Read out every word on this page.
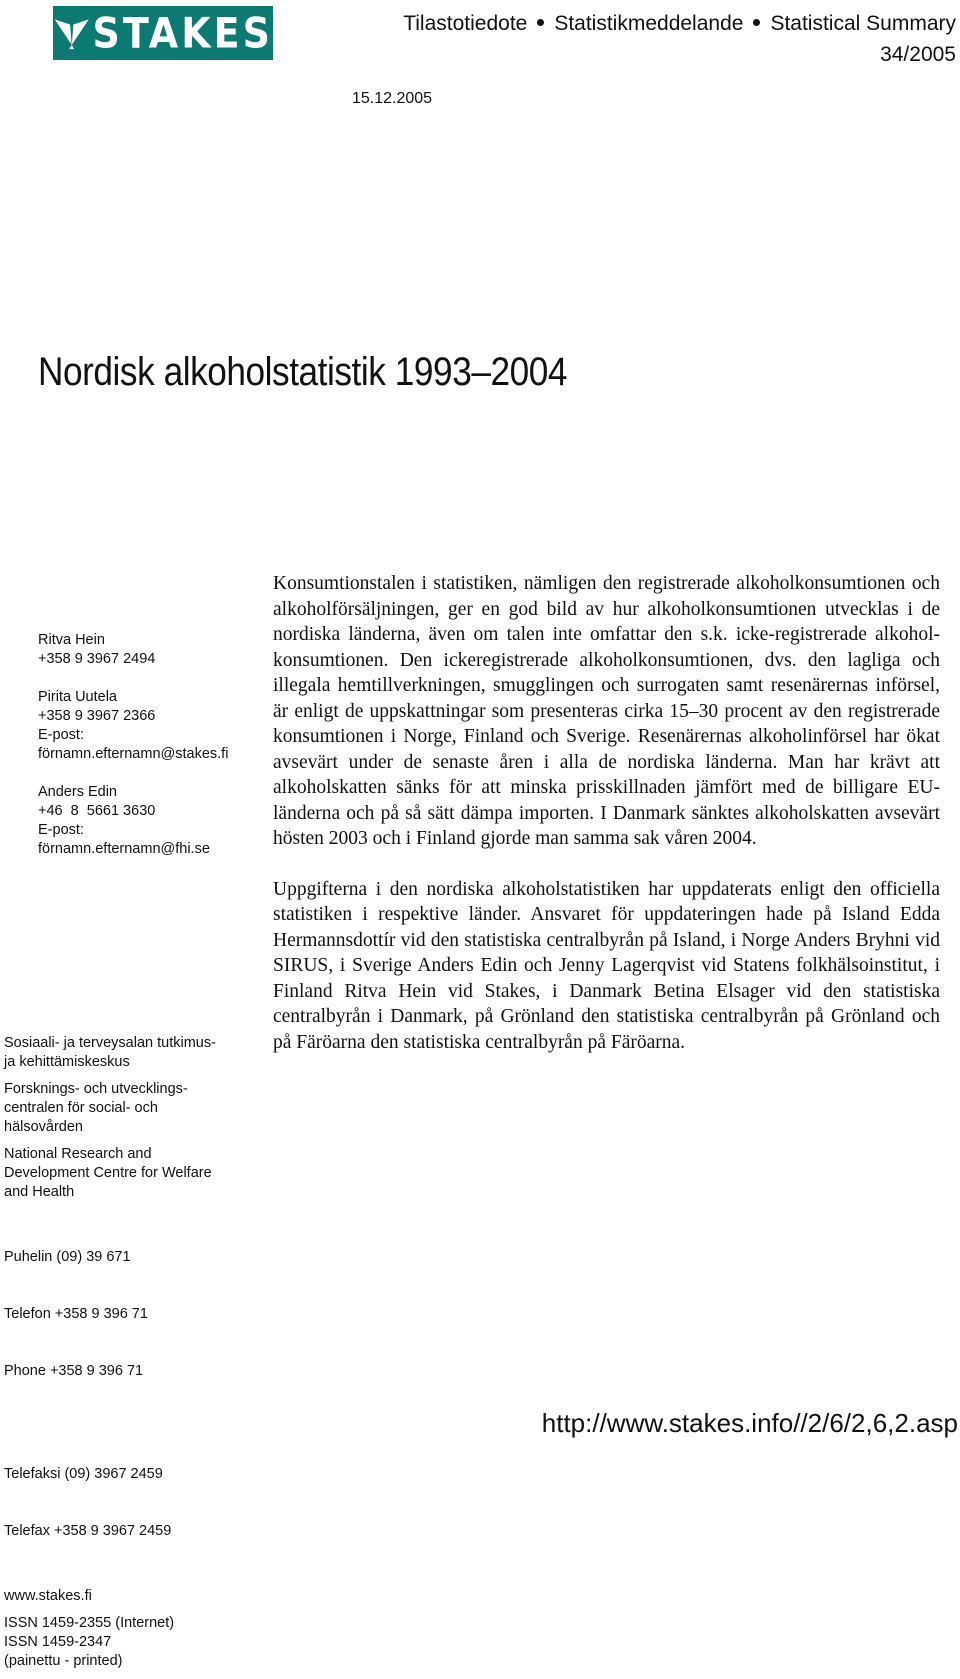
STAKES	Tilastotiedote Statistikmeddelande Statistical Summary
34/2005
15.12.2005
Nordisk alkoholstatistik 1993–2004
Ritva Hein
+358 9 3967 2494
Pirita Uutela
+358 9 3967 2366
E-post:
förnamn.efternamn@stakes.fi
Anders Edin
+46  8  5661 3630
E-post:
förnamn.efternamn@fhi.se
Sosiaali- ja terveysalan tutkimus-
ja kehittämiskeskus
Forsknings- och utvecklings-
centralen för social- och
hälsovården
National Research and
Development Centre for Welfare
and Health

Puhelin (09) 39 671

Telefon +358 9 396 71

Phone +358 9 396 71

Telefaksi (09) 3967 2459

Telefax +358 9 3967 2459

www.stakes.fi
ISSN 1459-2355 (Internet)
ISSN 1459-2347
(painettu - printed)

Konsumtionstalen i statistiken, nämligen den registrerade alkoholkonsumtionen och alkoholförsäljningen, ger en god bild av hur alkoholkonsumtionen utvecklas i de nordiska länderna, även om talen inte omfattar den s.k. icke-registrerade alkohol-konsumtionen. Den ickeregistrerade alkoholkonsumtionen, dvs. den lagliga och illegala hemtillverkningen, smugglingen och surrogaten samt resenärernas införsel, är enligt de uppskattningar som presenteras cirka 15–30 procent av den registrerade konsumtionen i Norge, Finland och Sverige. Resenärernas alkoholinförsel har ökat avsevärt under de senaste åren i alla de nordiska länderna. Man har krävt att alkoholskatten sänks för att minska prisskillnaden jämfört med de billigare EU-länderna och på så sätt dämpa importen. I Danmark sänktes alkoholskatten avsevärt hösten 2003 och i Finland gjorde man samma sak våren 2004.

Uppgifterna i den nordiska alkoholstatistiken har uppdaterats enligt den officiella statistiken i respektive länder. Ansvaret för uppdateringen hade på Island Edda Hermannsdottír vid den statistiska centralbyrån på Island, i Norge Anders Bryhni vid SIRUS, i Sverige Anders Edin och Jenny Lagerqvist vid Statens folkhälsoinstitut, i Finland Ritva Hein vid Stakes, i Danmark Betina Elsager vid den statistiska centralbyrån i Danmark, på Grönland den statistiska centralbyrån på Grönland och på Färöarna den statistiska centralbyrån på Färöarna.

http://www.stakes.info//2/6/2,6,2.asp
